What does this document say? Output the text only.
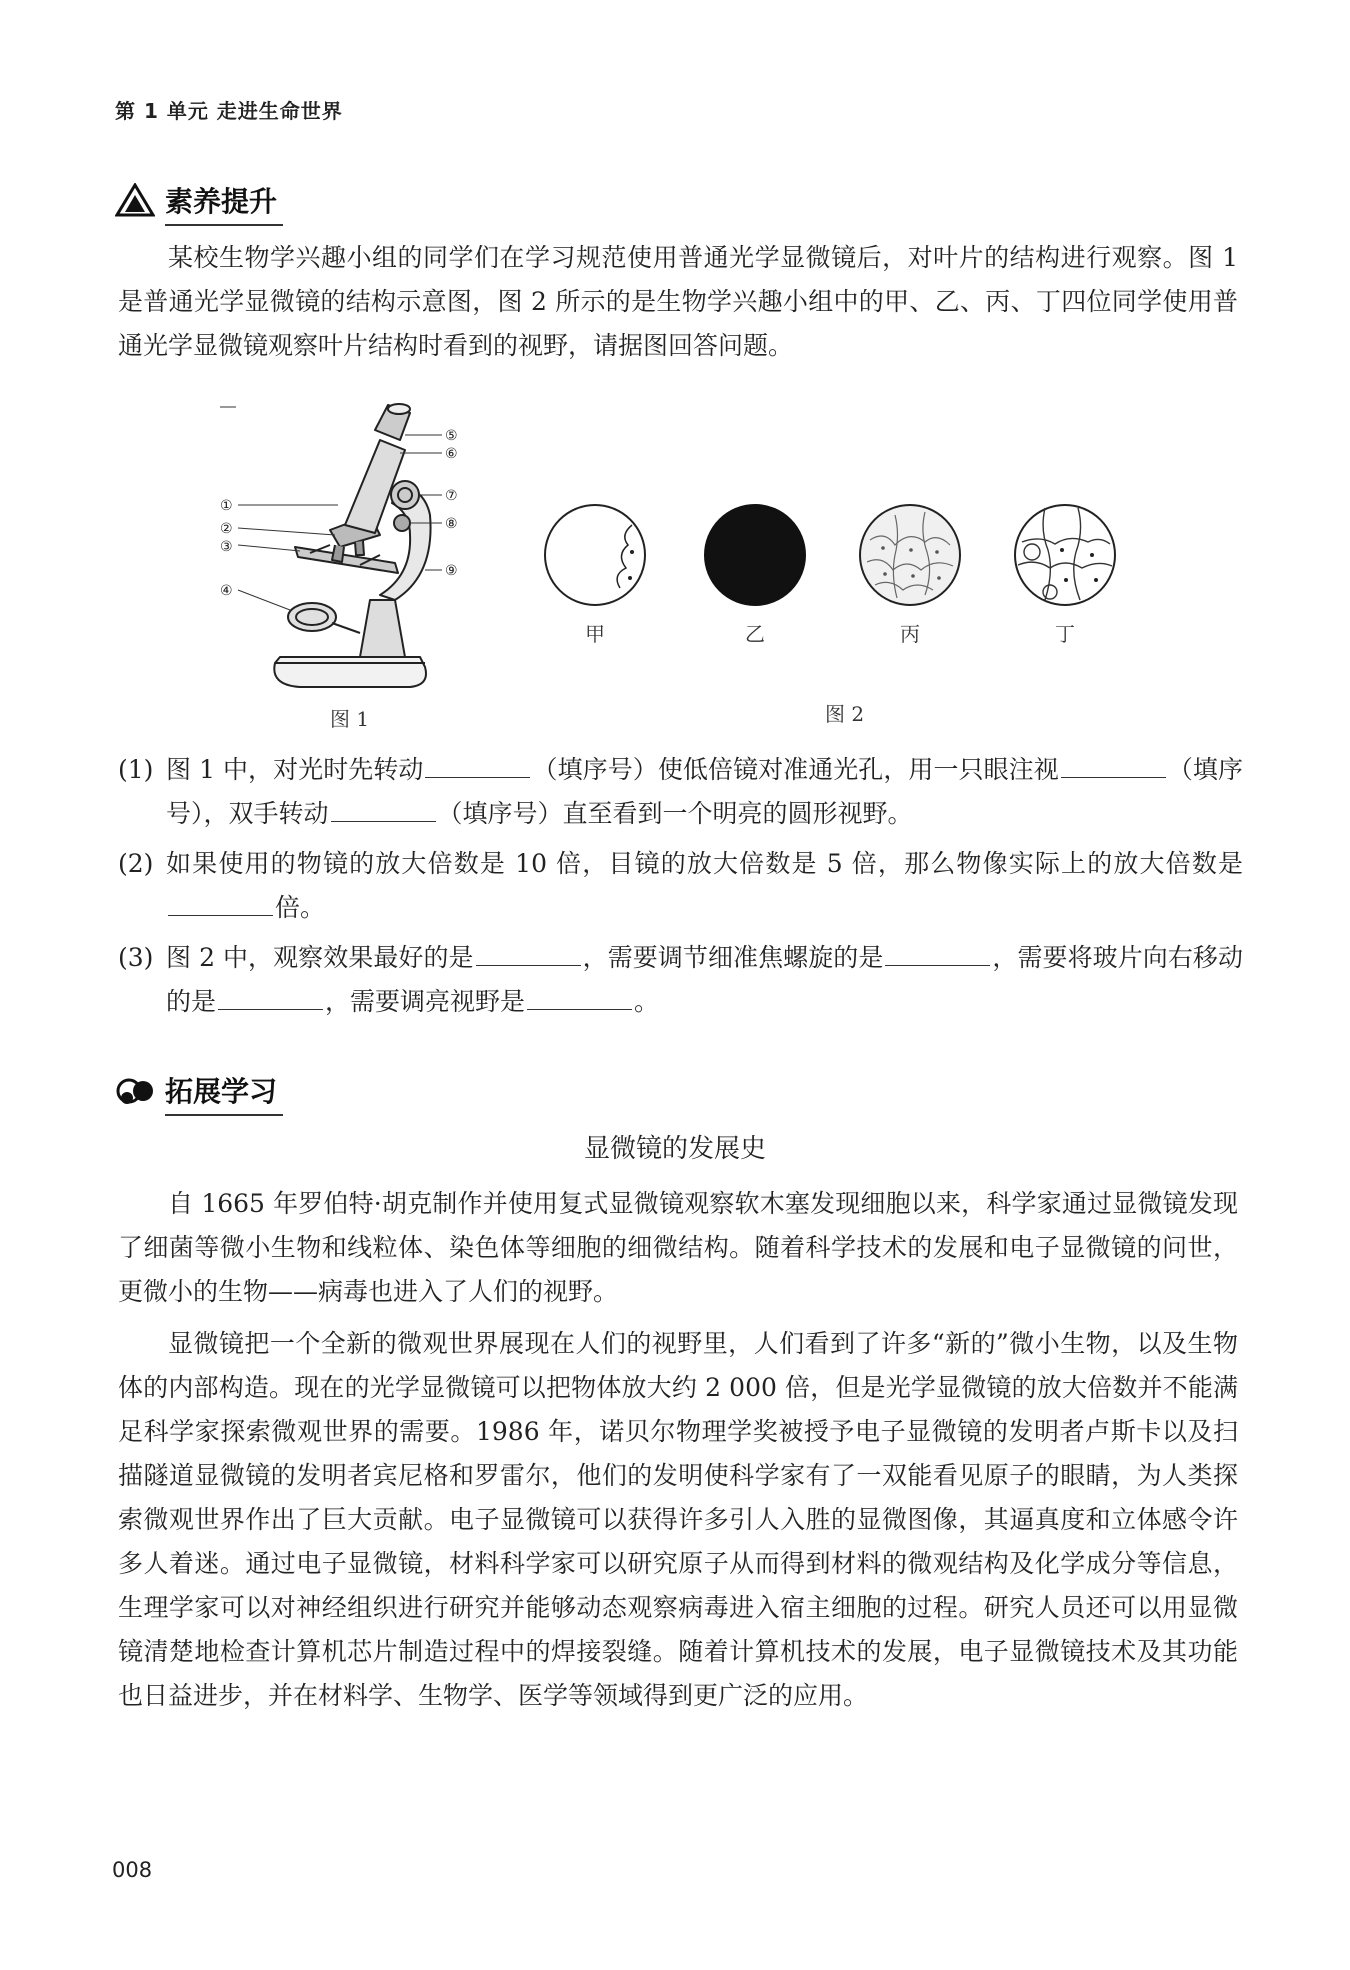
第 1 单元 走进生命世界
素养提升
某校生物学兴趣小组的同学们在学习规范使用普通光学显微镜后，对叶片的结构进行观察。图 1 是普通光学显微镜的结构示意图，图 2 所示的是生物学兴趣小组中的甲、乙、丙、丁四位同学使用普通光学显微镜观察叶片结构时看到的视野，请据图回答问题。
①
②
③
④
⑤
⑥
⑦
⑧
⑨
图 1
甲	乙	丙	丁
图 2
(1) 图 1 中，对光时先转动	（填序号）使低倍镜对准通光孔，用一只眼注视	（填序号），双手转动	（填序号）直至看到一个明亮的圆形视野。
(2) 如果使用的物镜的放大倍数是 10 倍，目镜的放大倍数是 5 倍，那么物像实际上的放大倍数是倍。
(3) 图 2 中，观察效果最好的是	，需要调节细准焦螺旋的是	，需要将玻片向右移动的是	，需要调亮视野是	。
拓展学习
显微镜的发展史
自 1665 年罗伯特·胡克制作并使用复式显微镜观察软木塞发现细胞以来，科学家通过显微镜发现了细菌等微小生物和线粒体、染色体等细胞的细微结构。随着科学技术的发展和电子显微镜的问世，更微小的生物——病毒也进入了人们的视野。
显微镜把一个全新的微观世界展现在人们的视野里，人们看到了许多“新的”微小生物，以及生物体的内部构造。现在的光学显微镜可以把物体放大约 2 000 倍，但是光学显微镜的放大倍数并不能满足科学家探索微观世界的需要。1986 年，诺贝尔物理学奖被授予电子显微镜的发明者卢斯卡以及扫描隧道显微镜的发明者宾尼格和罗雷尔，他们的发明使科学家有了一双能看见原子的眼睛，为人类探索微观世界作出了巨大贡献。电子显微镜可以获得许多引人入胜的显微图像，其逼真度和立体感令许多人着迷。通过电子显微镜，材料科学家可以研究原子从而得到材料的微观结构及化学成分等信息，生理学家可以对神经组织进行研究并能够动态观察病毒进入宿主细胞的过程。研究人员还可以用显微镜清楚地检查计算机芯片制造过程中的焊接裂缝。随着计算机技术的发展，电子显微镜技术及其功能也日益进步，并在材料学、生物学、医学等领域得到更广泛的应用。
008
